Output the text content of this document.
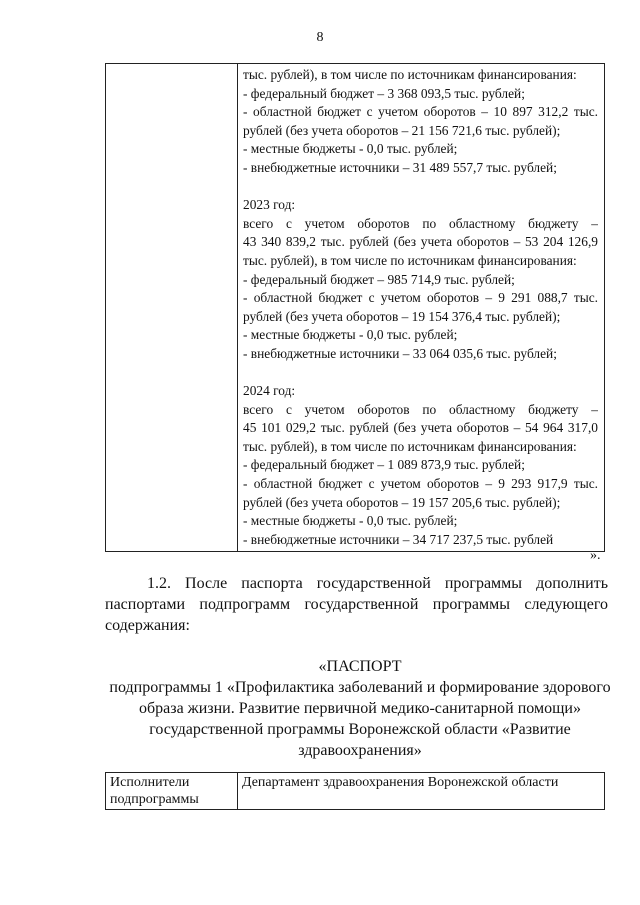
8

тыс. рублей), в том числе по источникам финансирования:
- федеральный бюджет – 3 368 093,5 тыс. рублей;
- областной бюджет с учетом оборотов – 10 897 312,2 тыс.
рублей (без учета оборотов – 21 156 721,6 тыс. рублей);
- местные бюджеты - 0,0 тыс. рублей;
- внебюджетные источники – 31 489 557,7 тыс. рублей;
2023 год:
всего с учетом оборотов по областному бюджету –
43 340 839,2 тыс. рублей (без учета оборотов – 53 204 126,9
тыс. рублей), в том числе по источникам финансирования:
- федеральный бюджет – 985 714,9 тыс. рублей;
- областной бюджет с учетом оборотов – 9 291 088,7 тыс.
рублей (без учета оборотов – 19 154 376,4 тыс. рублей);
- местные бюджеты - 0,0 тыс. рублей;
- внебюджетные источники – 33 064 035,6 тыс. рублей;
2024 год:
всего с учетом оборотов по областному бюджету –
45 101 029,2 тыс. рублей (без учета оборотов – 54 964 317,0
тыс. рублей), в том числе по источникам финансирования:
- федеральный бюджет – 1 089 873,9 тыс. рублей;
- областной бюджет с учетом оборотов – 9 293 917,9 тыс.
рублей (без учета оборотов – 19 157 205,6 тыс. рублей);
- местные бюджеты - 0,0 тыс. рублей;
- внебюджетные источники – 34 717 237,5 тыс. рублей
».
1.2. После паспорта государственной программы дополнить
паспортами подпрограмм государственной программы следующего
содержания:
«ПАСПОРТ
подпрограммы 1 «Профилактика заболеваний и формирование здорового
образа жизни. Развитие первичной медико-санитарной помощи»
государственной программы Воронежской области «Развитие
здравоохранения»
Исполнители подпрограммы	Департамент здравоохранения Воронежской области
